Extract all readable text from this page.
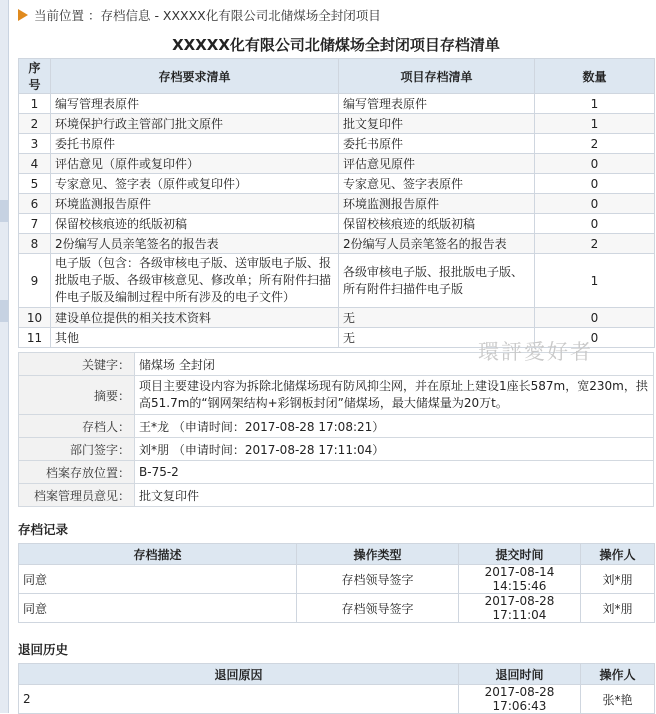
当前位置 ：存档信息 - XXXXX化有限公司北储煤场全封闭项目
XXXXX化有限公司北储煤场全封闭项目存档清单
序号	存档要求清单	项目存档清单	数量
1	编写管理表原件	编写管理表原件	1
2	环境保护行政主管部门批文原件	批文复印件	1
3	委托书原件	委托书原件	2
4	评估意见（原件或复印件）	评估意见原件	0
5	专家意见、签字表（原件或复印件）	专家意见、签字表原件	0
6	环境监测报告原件	环境监测报告原件	0
7	保留校核痕迹的纸版初稿	保留校核痕迹的纸版初稿	0
8	2份编写人员亲笔签名的报告表	2份编写人员亲笔签名的报告表	2
9	电子版（包含：各级审核电子版、送审版电子版、报批版电子版、各级审核意见、修改单；所有附件扫描件电子版及编制过程中所有涉及的电子文件）	各级审核电子版、报批版电子版、所有附件扫描件电子版	1
10	建设单位提供的相关技术资料	无	0
11	其他	无	0
关键字：	储煤场 全封闭
摘要：	项目主要建设内容为拆除北储煤场现有防风抑尘网，并在原址上建设1座长587m，宽230m，拱高51.7m的“钢网架结构+彩钢板封闭”储煤场，最大储煤量为20万t。
存档人：	王*龙 （申请时间：2017-08-28 17:08:21）
部门签字：	刘*朋 （申请时间：2017-08-28 17:11:04）
档案存放位置：	B-75-2
档案管理员意见：	批文复印件
存档记录
存档描述	操作类型	提交时间	操作人
同意	存档领导签字	2017-08-14 14:15:46	刘*朋
同意	存档领导签字	2017-08-28 17:11:04	刘*朋
退回历史
退回原因	退回时间	操作人
2	2017-08-28 17:06:43	张*艳
環評愛好者
